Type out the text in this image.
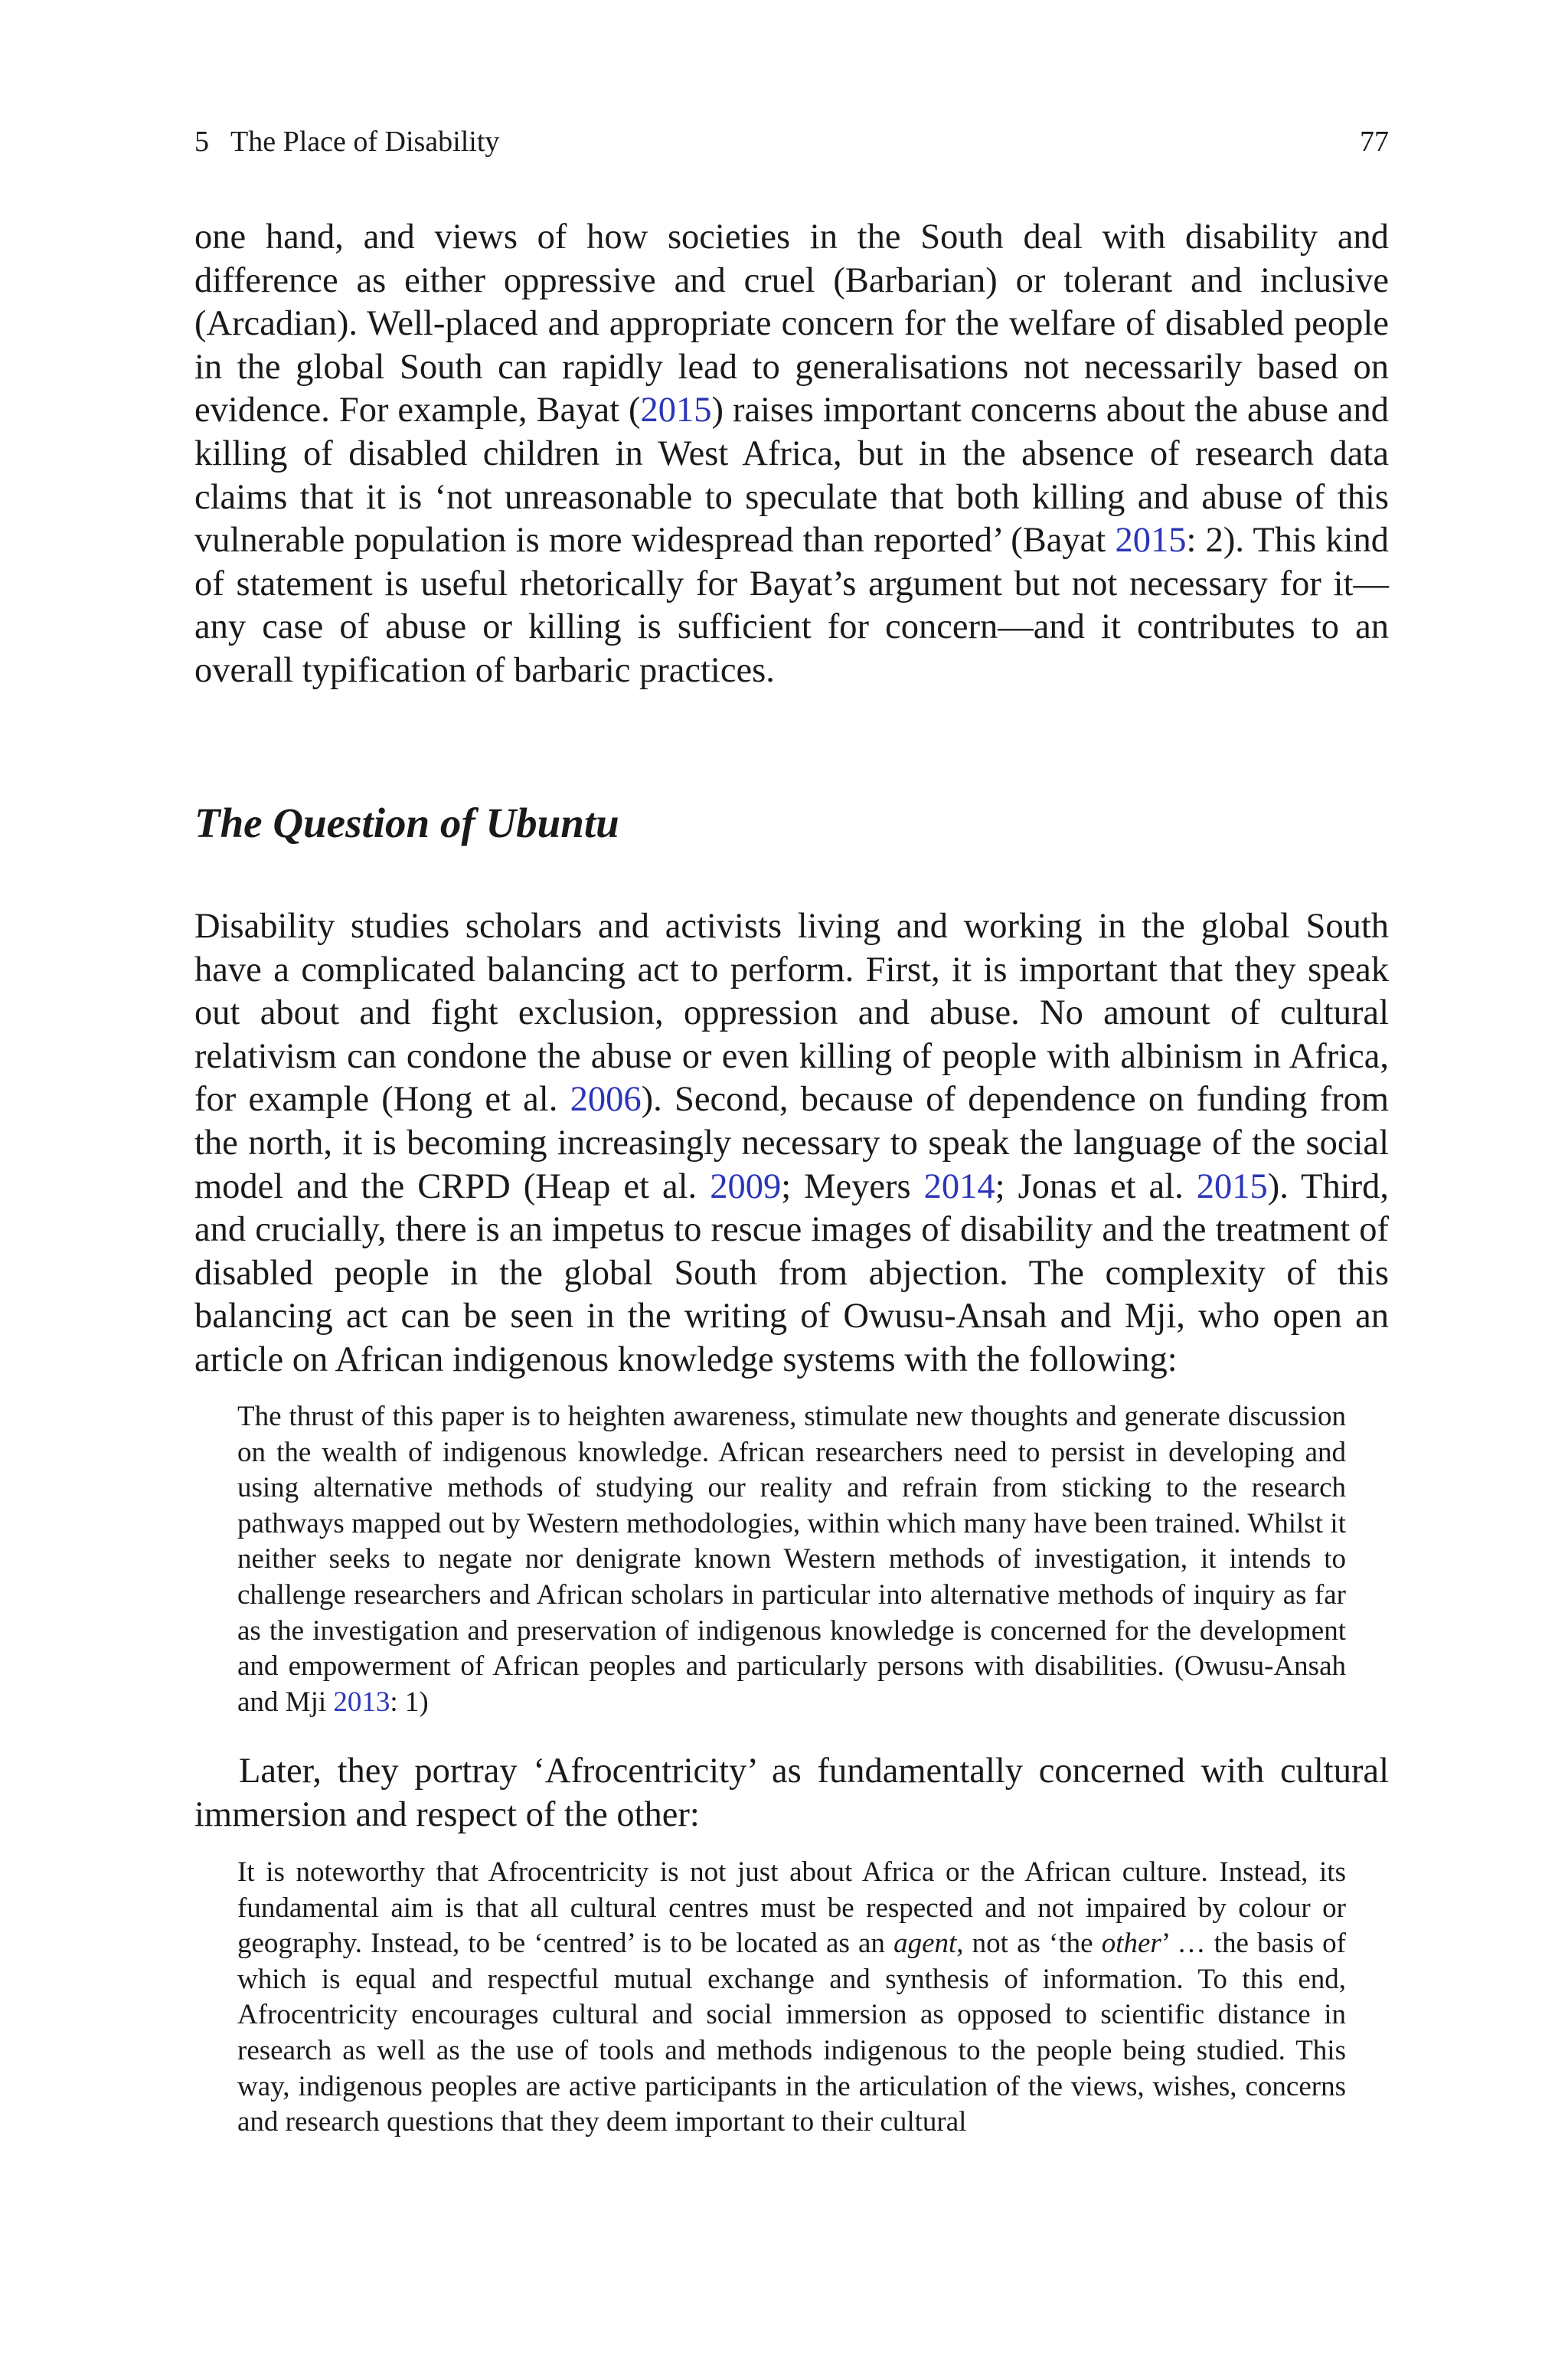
5 The Place of Disability	77

one hand, and views of how societies in the South deal with disability and difference as either oppressive and cruel (Barbarian) or tolerant and inclusive (Arcadian). Well-placed and appropriate concern for the welfare of disabled people in the global South can rapidly lead to generalisations not necessarily based on evidence. For example, Bayat (2015) raises important concerns about the abuse and killing of disabled children in West Africa, but in the absence of research data claims that it is ‘not unreasonable to speculate that both killing and abuse of this vulnerable population is more widespread than reported’ (Bayat 2015: 2). This kind of statement is useful rhetorically for Bayat’s argument but not necessary for it—any case of abuse or killing is sufficient for concern—and it contributes to an overall typification of barbaric practices.

The Question of Ubuntu

Disability studies scholars and activists living and working in the global South have a complicated balancing act to perform. First, it is important that they speak out about and fight exclusion, oppression and abuse. No amount of cultural relativism can condone the abuse or even killing of people with albinism in Africa, for example (Hong et al. 2006). Second, because of dependence on funding from the north, it is becoming increasingly necessary to speak the language of the social model and the CRPD (Heap et al. 2009; Meyers 2014; Jonas et al. 2015). Third, and crucially, there is an impetus to rescue images of disability and the treatment of disabled people in the global South from abjection. The complexity of this balancing act can be seen in the writing of Owusu-Ansah and Mji, who open an article on African indigenous knowledge systems with the following:

The thrust of this paper is to heighten awareness, stimulate new thoughts and generate discussion on the wealth of indigenous knowledge. African researchers need to persist in developing and using alternative methods of studying our reality and refrain from sticking to the research pathways mapped out by Western methodologies, within which many have been trained. Whilst it neither seeks to negate nor denigrate known Western methods of investigation, it intends to challenge researchers and African scholars in particular into alternative methods of inquiry as far as the investigation and preservation of indigenous knowledge is concerned for the development and empowerment of African peoples and particularly persons with disabilities. (Owusu-Ansah and Mji 2013: 1)

Later, they portray ‘Afrocentricity’ as fundamentally concerned with cultural immersion and respect of the other:

It is noteworthy that Afrocentricity is not just about Africa or the African culture. Instead, its fundamental aim is that all cultural centres must be respected and not impaired by colour or geography. Instead, to be ‘centred’ is to be located as an agent, not as ‘the other’ … the basis of which is equal and respectful mutual exchange and synthesis of information. To this end, Afrocentricity encourages cultural and social immersion as opposed to scientific distance in research as well as the use of tools and methods indigenous to the people being studied. This way, indigenous peoples are active participants in the articulation of the views, wishes, concerns and research questions that they deem important to their cultural
